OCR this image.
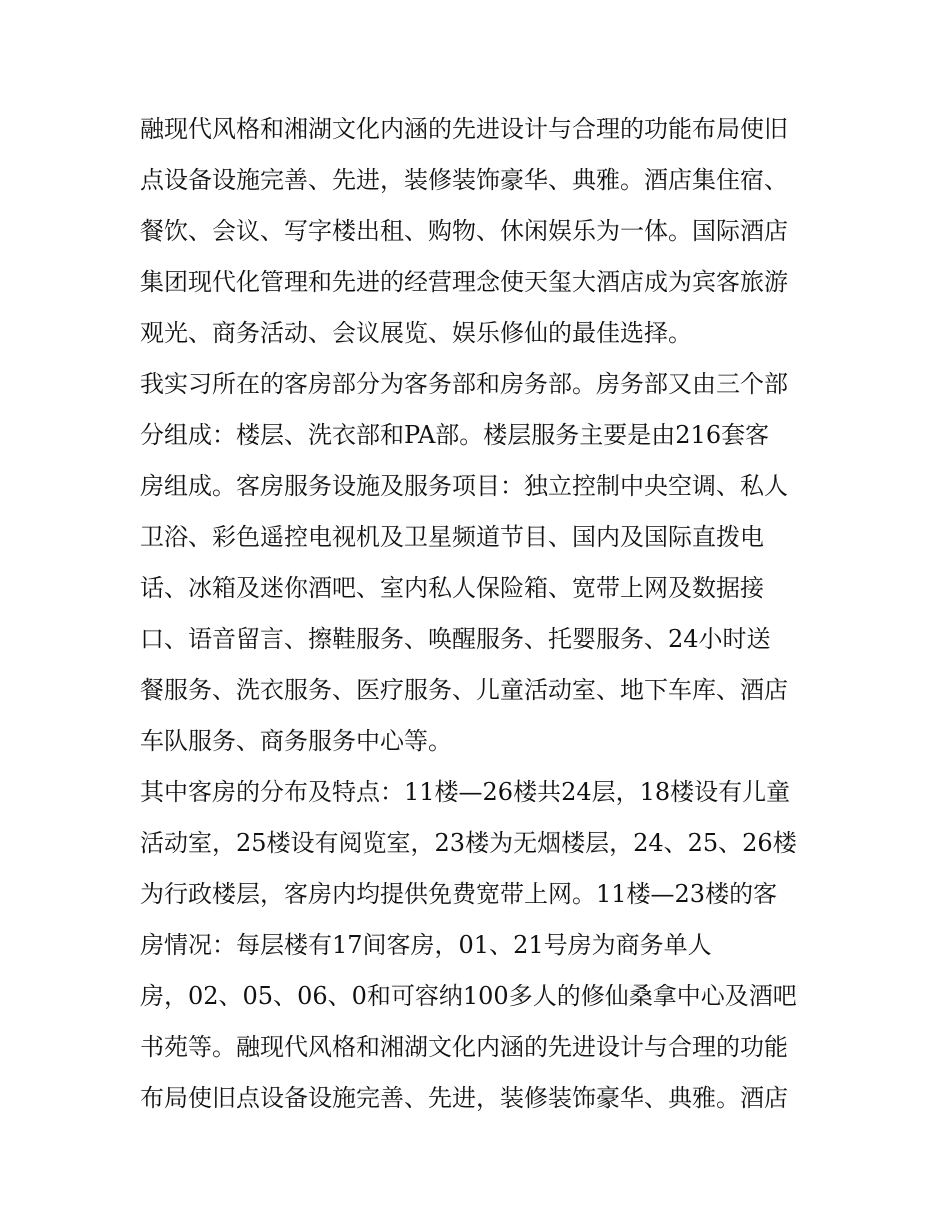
融现代风格和湘湖文化内涵的先进设计与合理的功能布局使旧
点设备设施完善、先进，装修装饰豪华、典雅。酒店集住宿、
餐饮、会议、写字楼出租、购物、休闲娱乐为一体。国际酒店
集团现代化管理和先进的经营理念使天玺大酒店成为宾客旅游
观光、商务活动、会议展览、娱乐修仙的最佳选择。
我实习所在的客房部分为客务部和房务部。房务部又由三个部
分组成：楼层、洗衣部和PA部。楼层服务主要是由216套客
房组成。客房服务设施及服务项目：独立控制中央空调、私人
卫浴、彩色遥控电视机及卫星频道节目、国内及国际直拨电
话、冰箱及迷你酒吧、室内私人保险箱、宽带上网及数据接
口、语音留言、擦鞋服务、唤醒服务、托婴服务、24小时送
餐服务、洗衣服务、医疗服务、儿童活动室、地下车库、酒店
车队服务、商务服务中心等。
其中客房的分布及特点：11楼—26楼共24层，18楼设有儿童
活动室，25楼设有阅览室，23楼为无烟楼层，24、25、26楼
为行政楼层，客房内均提供免费宽带上网。11楼—23楼的客
房情况：每层楼有17间客房，01、21号房为商务单人
房，02、05、06、0和可容纳100多人的修仙桑拿中心及酒吧
书苑等。融现代风格和湘湖文化内涵的先进设计与合理的功能
布局使旧点设备设施完善、先进，装修装饰豪华、典雅。酒店
